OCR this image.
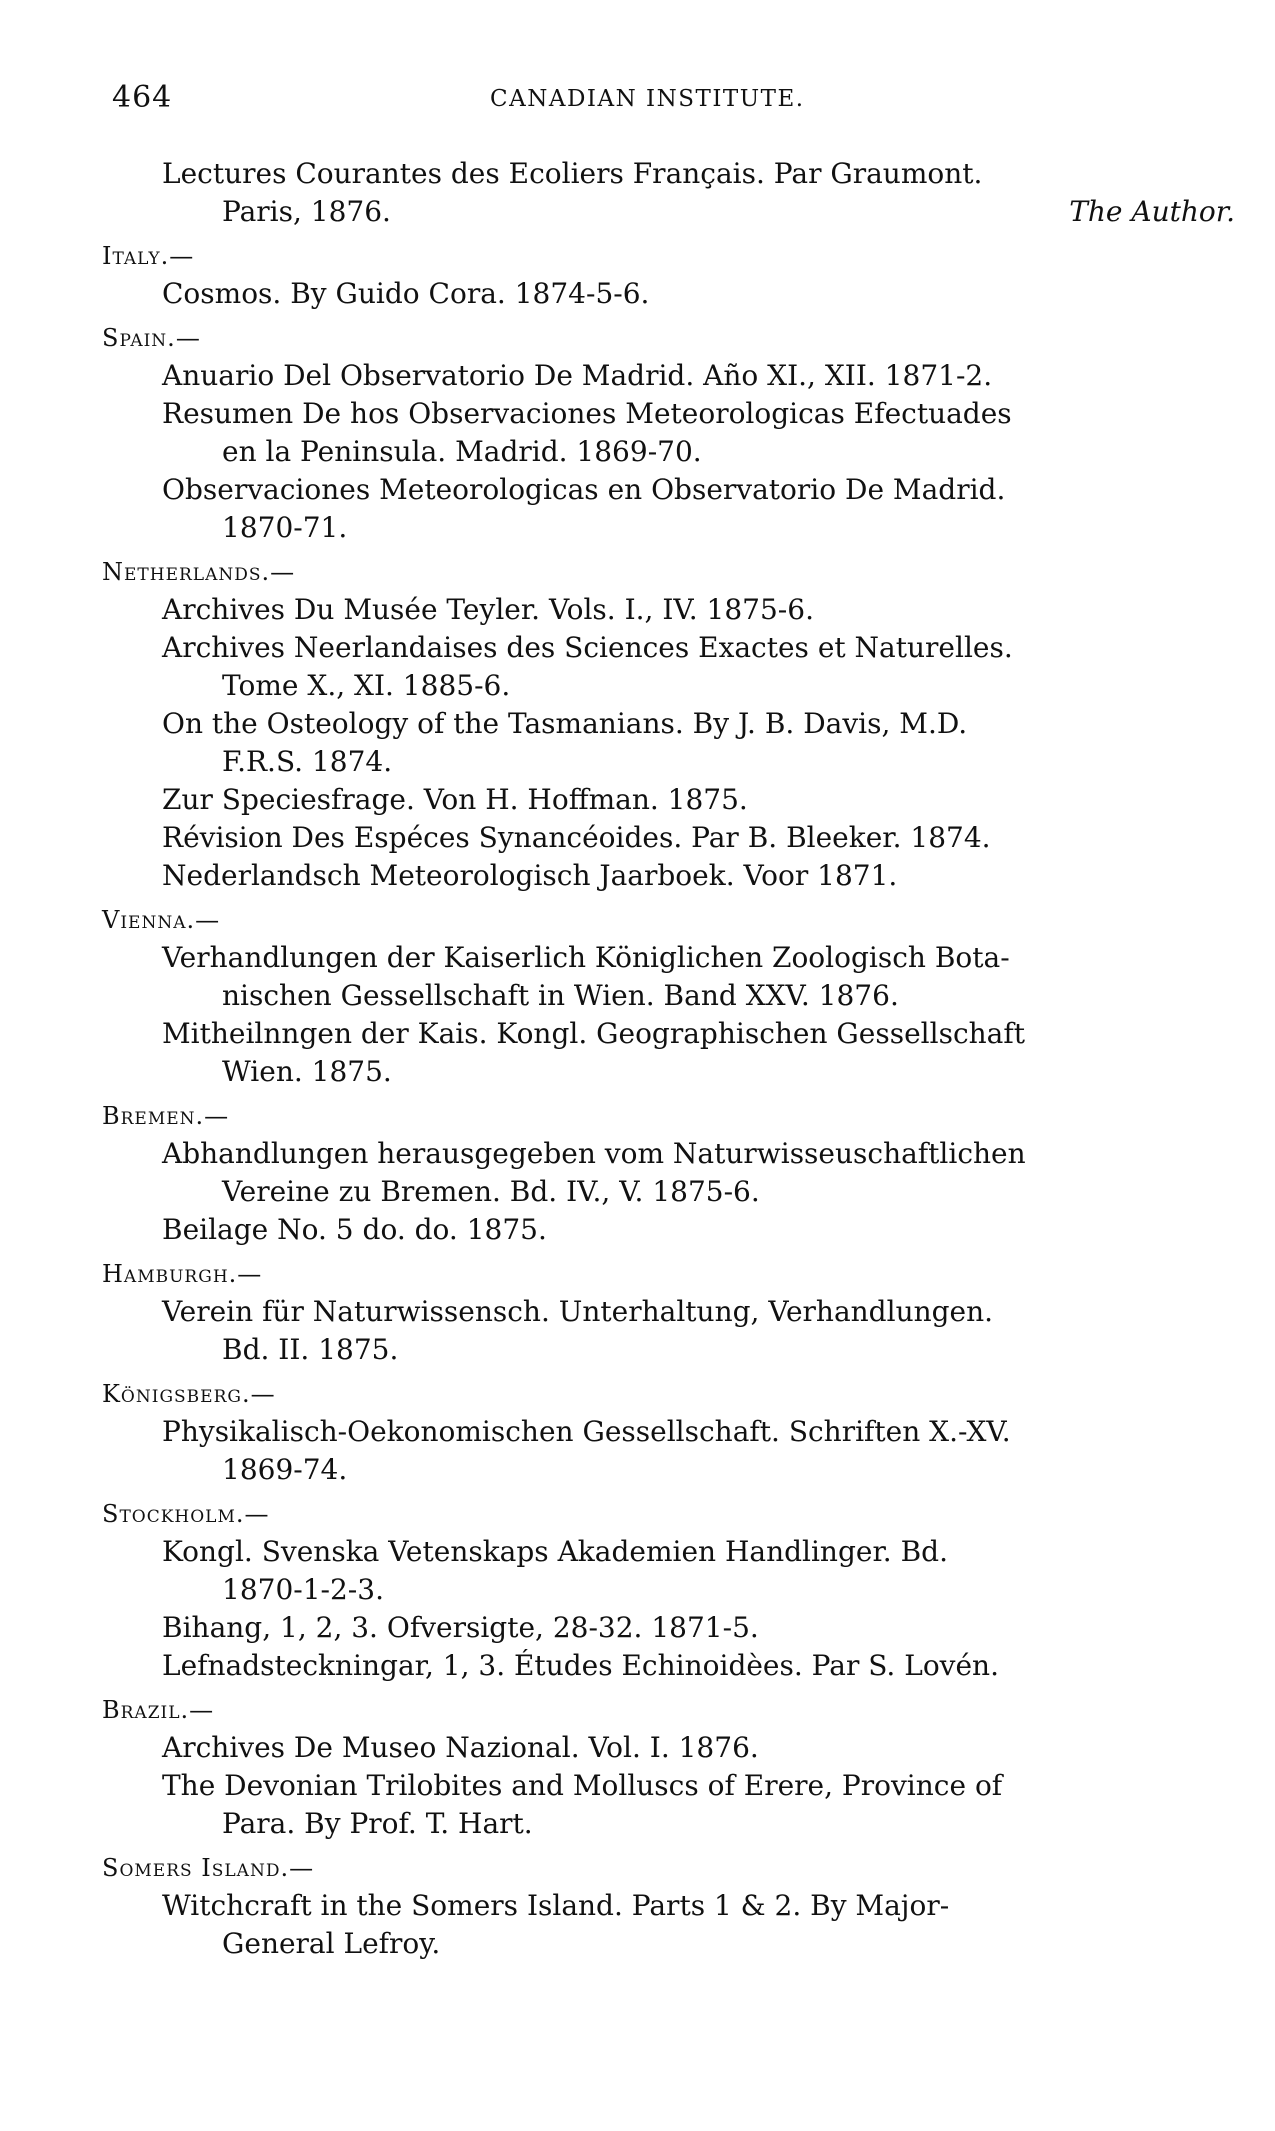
464	CANADIAN INSTITUTE.
Lectures Courantes des Ecoliers Français. Par Graumont.
Paris, 1876.	The Author.
Italy.—
Cosmos. By Guido Cora. 1874-5-6.
Spain.—
Anuario Del Observatorio De Madrid. Año XI., XII. 1871-2.
Resumen De hos Observaciones Meteorologicas Efectuades
en la Peninsula. Madrid. 1869-70.
Observaciones Meteorologicas en Observatorio De Madrid.
1870-71.
Netherlands.—
Archives Du Musée Teyler. Vols. I., IV. 1875-6.
Archives Neerlandaises des Sciences Exactes et Naturelles.
Tome X., XI. 1885-6.
On the Osteology of the Tasmanians. By J. B. Davis, M.D.
F.R.S. 1874.
Zur Speciesfrage. Von H. Hoffman. 1875.
Révision Des Espéces Synancéoides. Par B. Bleeker. 1874.
Nederlandsch Meteorologisch Jaarboek. Voor 1871.
Vienna.—
Verhandlungen der Kaiserlich Königlichen Zoologisch Bota-
nischen Gessellschaft in Wien. Band XXV. 1876.
Mitheilnngen der Kais. Kongl. Geographischen Gessellschaft
Wien. 1875.
Bremen.—
Abhandlungen herausgegeben vom Naturwisseuschaftlichen
Vereine zu Bremen. Bd. IV., V. 1875-6.
Beilage No. 5 do. do. 1875.
Hamburgh.—
Verein für Naturwissensch. Unterhaltung, Verhandlungen.
Bd. II. 1875.
Königsberg.—
Physikalisch-Oekonomischen Gessellschaft. Schriften X.-XV.
1869-74.
Stockholm.—
Kongl. Svenska Vetenskaps Akademien Handlinger. Bd.
1870-1-2-3.
Bihang, 1, 2, 3. Ofversigte, 28-32. 1871-5.
Lefnadsteckningar, 1, 3. Études Echinoidèes. Par S. Lovén.
Brazil.—
Archives De Museo Nazional. Vol. I. 1876.
The Devonian Trilobites and Molluscs of Erere, Province of
Para. By Prof. T. Hart.
Somers Island.—
Witchcraft in the Somers Island. Parts 1 & 2. By Major-
General Lefroy.
